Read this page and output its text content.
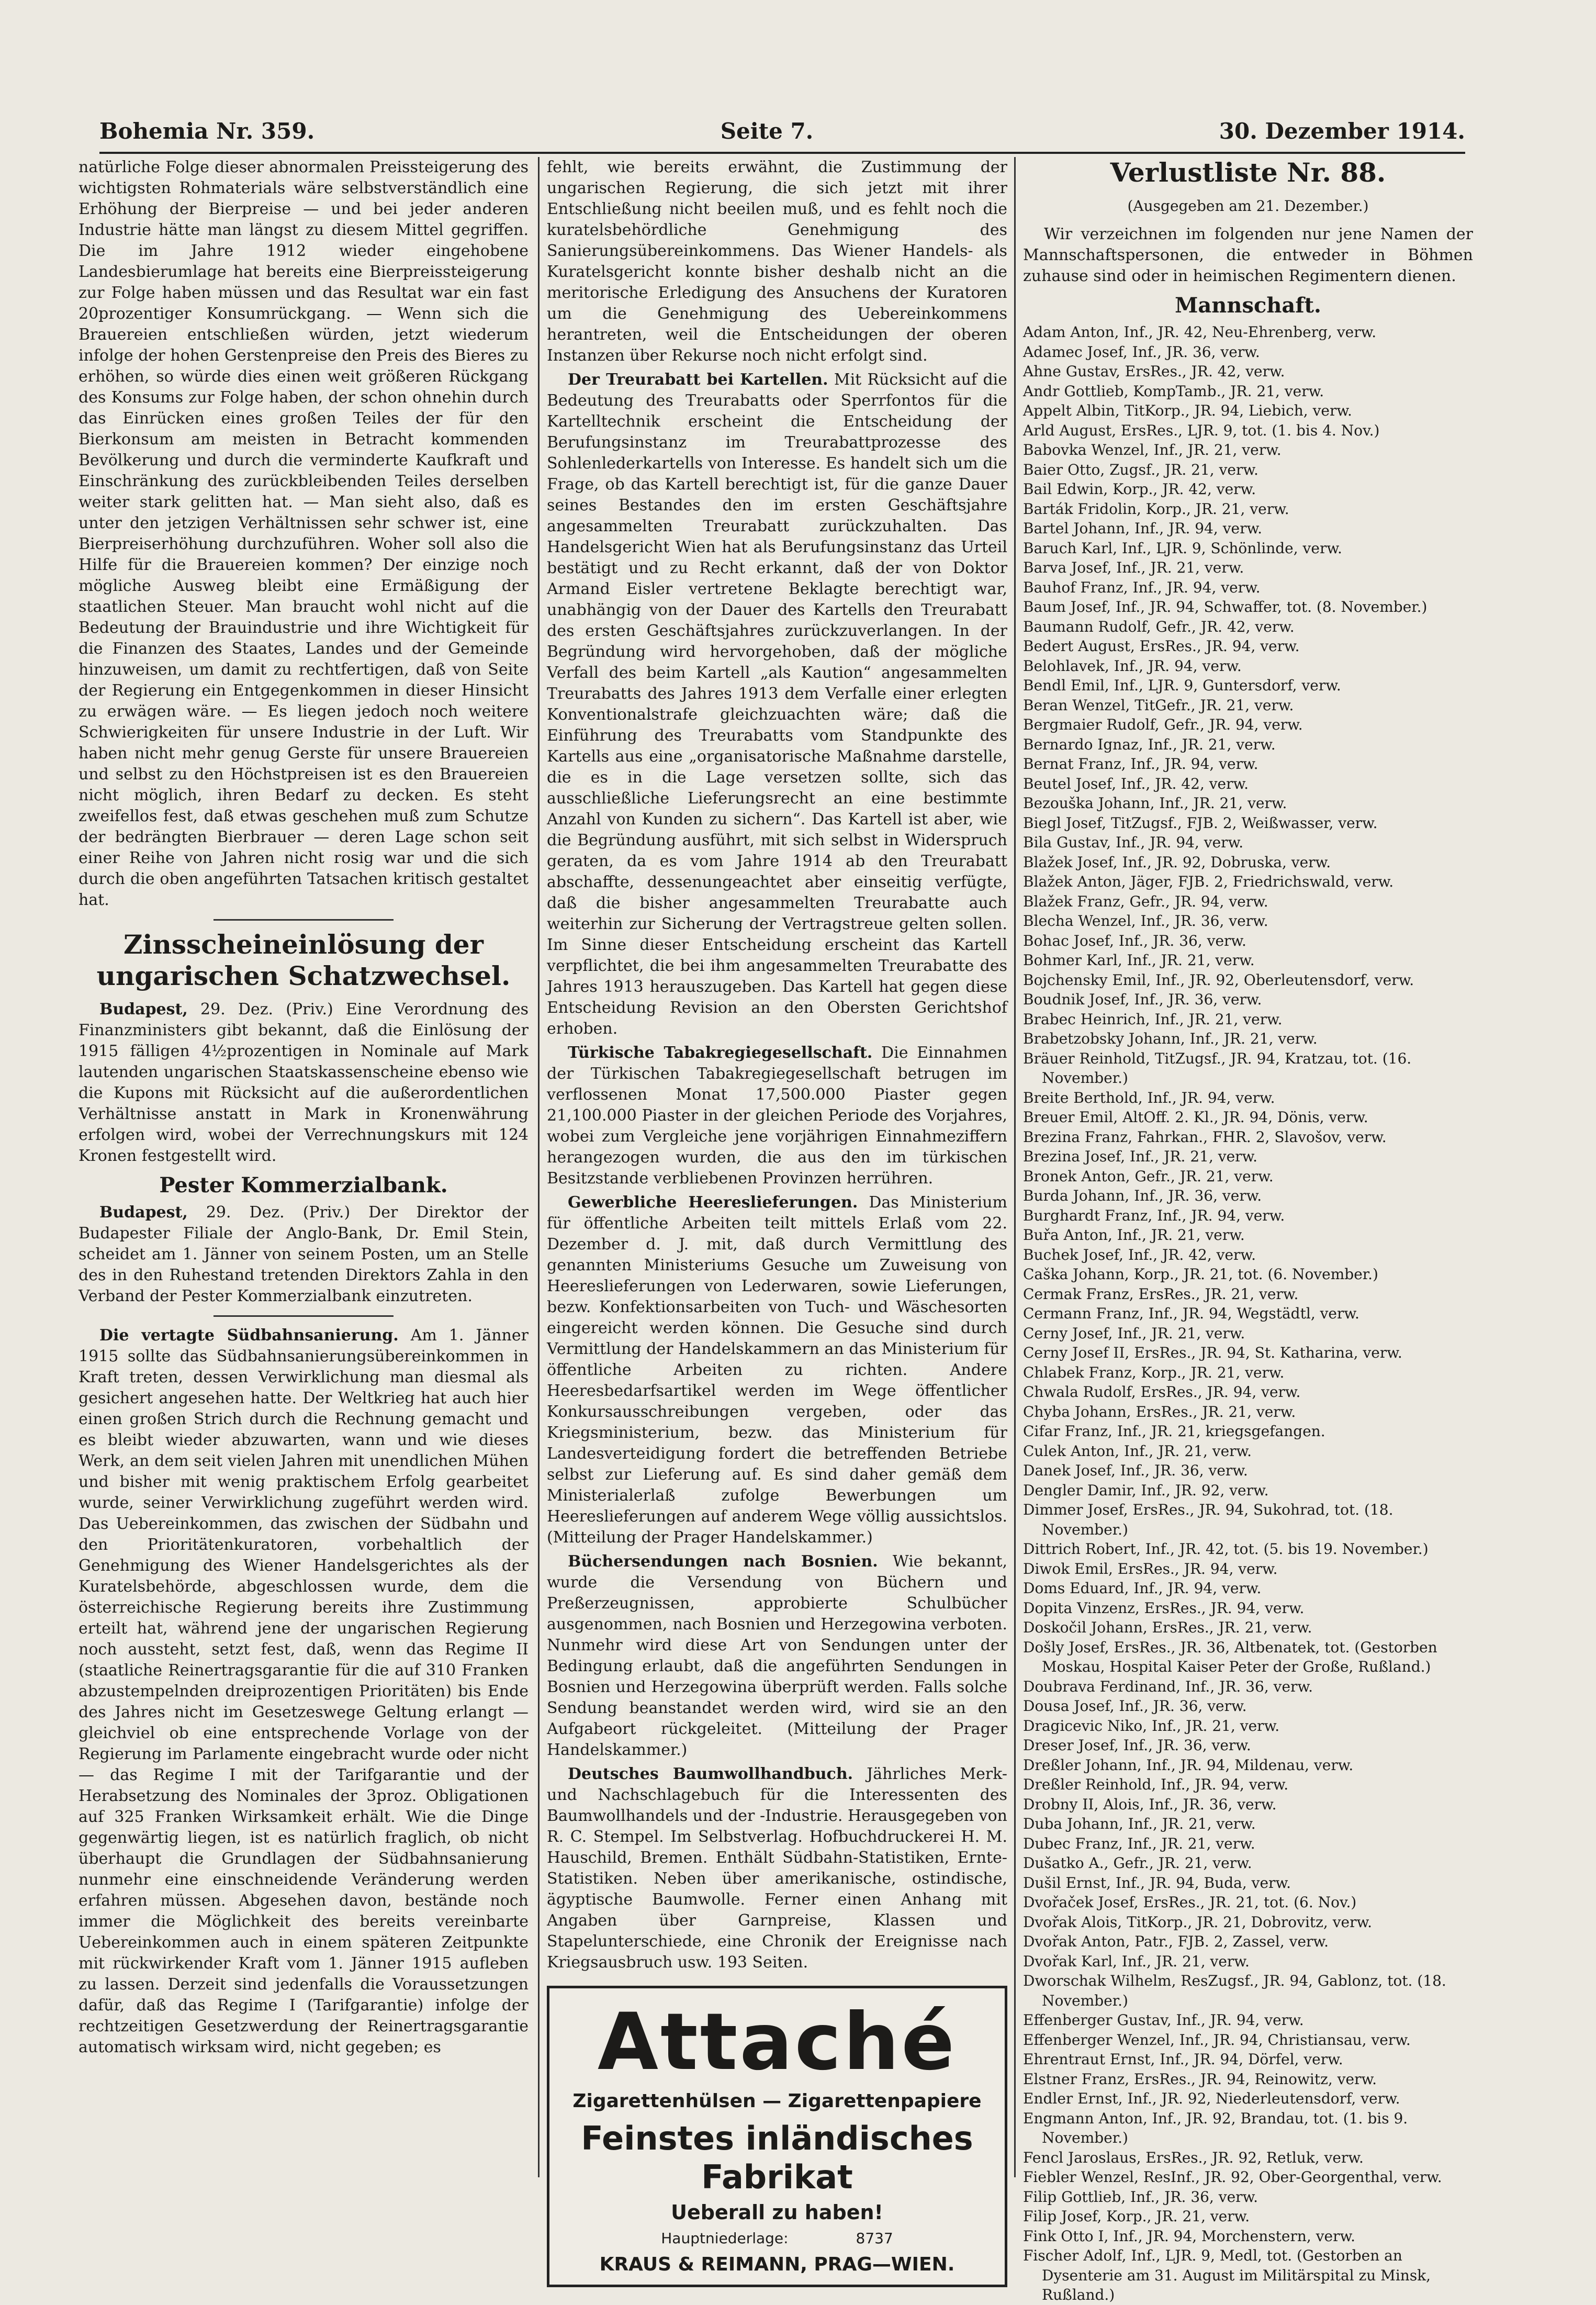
Bohemia Nr. 359.	Seite 7.	30. Dezember 1914.

natürliche Folge dieser abnormalen Preissteigerung des wichtigsten Rohmaterials wäre selbstverständlich eine Erhöhung der Bierpreise — und bei jeder anderen Industrie hätte man längst zu diesem Mittel gegriffen. Die im Jahre 1912 wieder eingehobene Landesbierumlage hat bereits eine Bierpreissteigerung zur Folge haben müssen und das Resultat war ein fast 20prozentiger Konsumrückgang. — Wenn sich die Brauereien entschließen würden, jetzt wiederum infolge der hohen Gerstenpreise den Preis des Bieres zu erhöhen, so würde dies einen weit größeren Rückgang des Konsums zur Folge haben, der schon ohnehin durch das Einrücken eines großen Teiles der für den Bierkonsum am meisten in Betracht kommenden Bevölkerung und durch die verminderte Kaufkraft und Einschränkung des zurückbleibenden Teiles derselben weiter stark gelitten hat. — Man sieht also, daß es unter den jetzigen Verhältnissen sehr schwer ist, eine Bierpreiserhöhung durchzuführen. Woher soll also die Hilfe für die Brauereien kommen? Der einzige noch mögliche Ausweg bleibt eine Ermäßigung der staatlichen Steuer. Man braucht wohl nicht auf die Bedeutung der Brauindustrie und ihre Wichtigkeit für die Finanzen des Staates, Landes und der Gemeinde hinzuweisen, um damit zu rechtfertigen, daß von Seite der Regierung ein Entgegenkommen in dieser Hinsicht zu erwägen wäre. — Es liegen jedoch noch weitere Schwierigkeiten für unsere Industrie in der Luft. Wir haben nicht mehr genug Gerste für unsere Brauereien und selbst zu den Höchstpreisen ist es den Brauereien nicht möglich, ihren Bedarf zu decken. Es steht zweifellos fest, daß etwas geschehen muß zum Schutze der bedrängten Bierbrauer — deren Lage schon seit einer Reihe von Jahren nicht rosig war und die sich durch die oben angeführten Tatsachen kritisch gestaltet hat.

Zinsscheineinlösung der ungarischen Schatzwechsel.

Budapest, 29. Dez. (Priv.) Eine Verordnung des Finanzministers gibt bekannt, daß die Einlösung der 1915 fälligen 4½prozentigen in Nominale auf Mark lautenden ungarischen Staatskassenscheine ebenso wie die Kupons mit Rücksicht auf die außerordentlichen Verhältnisse anstatt in Mark in Kronenwährung erfolgen wird, wobei der Verrechnungskurs mit 124 Kronen festgestellt wird.

Pester Kommerzialbank.

Budapest, 29. Dez. (Priv.) Der Direktor der Budapester Filiale der Anglo-Bank, Dr. Emil Stein, scheidet am 1. Jänner von seinem Posten, um an Stelle des in den Ruhestand tretenden Direktors Zahla in den Verband der Pester Kommerzialbank einzutreten.

Die vertagte Südbahnsanierung. Am 1. Jänner 1915 sollte das Südbahnsanierungsübereinkommen in Kraft treten, dessen Verwirklichung man diesmal als gesichert angesehen hatte. Der Weltkrieg hat auch hier einen großen Strich durch die Rechnung gemacht und es bleibt wieder abzuwarten, wann und wie dieses Werk, an dem seit vielen Jahren mit unendlichen Mühen und bisher mit wenig praktischem Erfolg gearbeitet wurde, seiner Verwirklichung zugeführt werden wird. Das Uebereinkommen, das zwischen der Südbahn und den Prioritätenkuratoren, vorbehaltlich der Genehmigung des Wiener Handelsgerichtes als der Kuratelsbehörde, abgeschlossen wurde, dem die österreichische Regierung bereits ihre Zustimmung erteilt hat, während jene der ungarischen Regierung noch aussteht, setzt fest, daß, wenn das Regime II (staatliche Reinertragsgarantie für die auf 310 Franken abzustempelnden dreiprozentigen Prioritäten) bis Ende des Jahres nicht im Gesetzeswege Geltung erlangt — gleichviel ob eine entsprechende Vorlage von der Regierung im Parlamente eingebracht wurde oder nicht — das Regime I mit der Tarifgarantie und der Herabsetzung des Nominales der 3proz. Obligationen auf 325 Franken Wirksamkeit erhält. Wie die Dinge gegenwärtig liegen, ist es natürlich fraglich, ob nicht überhaupt die Grundlagen der Südbahnsanierung nunmehr eine einschneidende Veränderung werden erfahren müssen. Abgesehen davon, bestände noch immer die Möglichkeit des bereits vereinbarte Uebereinkommen auch in einem späteren Zeitpunkte mit rückwirkender Kraft vom 1. Jänner 1915 aufleben zu lassen. Derzeit sind jedenfalls die Voraussetzungen dafür, daß das Regime I (Tarifgarantie) infolge der rechtzeitigen Gesetzwerdung der Reinertragsgarantie automatisch wirksam wird, nicht gegeben; es

fehlt, wie bereits erwähnt, die Zustimmung der ungarischen Regierung, die sich jetzt mit ihrer Entschließung nicht beeilen muß, und es fehlt noch die kuratelsbehördliche Genehmigung des Sanierungsübereinkommens. Das Wiener Handels- als Kuratelsgericht konnte bisher deshalb nicht an die meritorische Erledigung des Ansuchens der Kuratoren um die Genehmigung des Uebereinkommens herantreten, weil die Entscheidungen der oberen Instanzen über Rekurse noch nicht erfolgt sind.

Der Treurabatt bei Kartellen. Mit Rücksicht auf die Bedeutung des Treurabatts oder Sperrfontos für die Kartelltechnik erscheint die Entscheidung der Berufungsinstanz im Treurabattprozesse des Sohlenlederkartells von Interesse. Es handelt sich um die Frage, ob das Kartell berechtigt ist, für die ganze Dauer seines Bestandes den im ersten Geschäftsjahre angesammelten Treurabatt zurückzuhalten. Das Handelsgericht Wien hat als Berufungsinstanz das Urteil bestätigt und zu Recht erkannt, daß der von Doktor Armand Eisler vertretene Beklagte berechtigt war, unabhängig von der Dauer des Kartells den Treurabatt des ersten Geschäftsjahres zurückzuverlangen. In der Begründung wird hervorgehoben, daß der mögliche Verfall des beim Kartell „als Kaution“ angesammelten Treurabatts des Jahres 1913 dem Verfalle einer erlegten Konventionalstrafe gleichzuachten wäre; daß die Einführung des Treurabatts vom Standpunkte des Kartells aus eine „organisatorische Maßnahme darstelle, die es in die Lage versetzen sollte, sich das ausschließliche Lieferungsrecht an eine bestimmte Anzahl von Kunden zu sichern“. Das Kartell ist aber, wie die Begründung ausführt, mit sich selbst in Widerspruch geraten, da es vom Jahre 1914 ab den Treurabatt abschaffte, dessenungeachtet aber einseitig verfügte, daß die bisher angesammelten Treurabatte auch weiterhin zur Sicherung der Vertragstreue gelten sollen. Im Sinne dieser Entscheidung erscheint das Kartell verpflichtet, die bei ihm angesammelten Treurabatte des Jahres 1913 herauszugeben. Das Kartell hat gegen diese Entscheidung Revision an den Obersten Gerichtshof erhoben.

Türkische Tabakregiegesellschaft. Die Einnahmen der Türkischen Tabakregiegesellschaft betrugen im verflossenen Monat 17,500.000 Piaster gegen 21,100.000 Piaster in der gleichen Periode des Vorjahres, wobei zum Vergleiche jene vorjährigen Einnahmeziffern herangezogen wurden, die aus den im türkischen Besitzstande verbliebenen Provinzen herrühren.

Gewerbliche Heereslieferungen. Das Ministerium für öffentliche Arbeiten teilt mittels Erlaß vom 22. Dezember d. J. mit, daß durch Vermittlung des genannten Ministeriums Gesuche um Zuweisung von Heereslieferungen von Lederwaren, sowie Lieferungen, bezw. Konfektionsarbeiten von Tuch- und Wäschesorten eingereicht werden können. Die Gesuche sind durch Vermittlung der Handelskammern an das Ministerium für öffentliche Arbeiten zu richten. Andere Heeresbedarfsartikel werden im Wege öffentlicher Konkursausschreibungen vergeben, oder das Kriegsministerium, bezw. das Ministerium für Landesverteidigung fordert die betreffenden Betriebe selbst zur Lieferung auf. Es sind daher gemäß dem Ministerialerlaß zufolge Bewerbungen um Heereslieferungen auf anderem Wege völlig aussichtslos. (Mitteilung der Prager Handelskammer.)

Büchersendungen nach Bosnien. Wie bekannt, wurde die Versendung von Büchern und Preßerzeugnissen, approbierte Schulbücher ausgenommen, nach Bosnien und Herzegowina verboten. Nunmehr wird diese Art von Sendungen unter der Bedingung erlaubt, daß die angeführten Sendungen in Bosnien und Herzegowina überprüft werden. Falls solche Sendung beanstandet werden wird, wird sie an den Aufgabeort rückgeleitet. (Mitteilung der Prager Handelskammer.)

Deutsches Baumwollhandbuch. Jährliches Merk- und Nachschlagebuch für die Interessenten des Baumwollhandels und der -Industrie. Herausgegeben von R. C. Stempel. Im Selbstverlag. Hofbuchdruckerei H. M. Hauschild, Bremen. Enthält Südbahn-Statistiken, Ernte-Statistiken. Neben über amerikanische, ostindische, ägyptische Baumwolle. Ferner einen Anhang mit Angaben über Garnpreise, Klassen und Stapelunterschiede, eine Chronik der Ereignisse nach Kriegsausbruch usw. 193 Seiten.

Attaché
Zigarettenhülsen — Zigarettenpapiere
Feinstes inländisches Fabrikat
Ueberall zu haben!
Hauptniederlage:	8737
KRAUS & REIMANN, PRAG—WIEN.
Verlustliste Nr. 88.
(Ausgegeben am 21. Dezember.)

Wir verzeichnen im folgenden nur jene Namen der Mannschaftspersonen, die entweder in Böhmen zuhause sind oder in heimischen Regimentern dienen.

Mannschaft.
Adam Anton, Inf., JR. 42, Neu-Ehrenberg, verw.
Adamec Josef, Inf., JR. 36, verw.
Ahne Gustav, ErsRes., JR. 42, verw.
Andr Gottlieb, KompTamb., JR. 21, verw.
Appelt Albin, TitKorp., JR. 94, Liebich, verw.
Arld August, ErsRes., LJR. 9, tot. (1. bis 4. Nov.)
Babovka Wenzel, Inf., JR. 21, verw.
Baier Otto, Zugsf., JR. 21, verw.
Bail Edwin, Korp., JR. 42, verw.
Barták Fridolin, Korp., JR. 21, verw.
Bartel Johann, Inf., JR. 94, verw.
Baruch Karl, Inf., LJR. 9, Schönlinde, verw.
Barva Josef, Inf., JR. 21, verw.
Bauhof Franz, Inf., JR. 94, verw.
Baum Josef, Inf., JR. 94, Schwaffer, tot. (8. November.)
Baumann Rudolf, Gefr., JR. 42, verw.
Bedert August, ErsRes., JR. 94, verw.
Belohlavek, Inf., JR. 94, verw.
Bendl Emil, Inf., LJR. 9, Guntersdorf, verw.
Beran Wenzel, TitGefr., JR. 21, verw.
Bergmaier Rudolf, Gefr., JR. 94, verw.
Bernardo Ignaz, Inf., JR. 21, verw.
Bernat Franz, Inf., JR. 94, verw.
Beutel Josef, Inf., JR. 42, verw.
Bezouška Johann, Inf., JR. 21, verw.
Biegl Josef, TitZugsf., FJB. 2, Weißwasser, verw.
Bila Gustav, Inf., JR. 94, verw.
Blažek Josef, Inf., JR. 92, Dobruska, verw.
Blažek Anton, Jäger, FJB. 2, Friedrichswald, verw.
Blažek Franz, Gefr., JR. 94, verw.
Blecha Wenzel, Inf., JR. 36, verw.
Bohac Josef, Inf., JR. 36, verw.
Bohmer Karl, Inf., JR. 21, verw.
Bojchensky Emil, Inf., JR. 92, Oberleutensdorf, verw.
Boudnik Josef, Inf., JR. 36, verw.
Brabec Heinrich, Inf., JR. 21, verw.
Brabetzobsky Johann, Inf., JR. 21, verw.
Bräuer Reinhold, TitZugsf., JR. 94, Kratzau, tot. (16. November.)
Breite Berthold, Inf., JR. 94, verw.
Breuer Emil, AltOff. 2. Kl., JR. 94, Dönis, verw.
Brezina Franz, Fahrkan., FHR. 2, Slavošov, verw.
Brezina Josef, Inf., JR. 21, verw.
Bronek Anton, Gefr., JR. 21, verw.
Burda Johann, Inf., JR. 36, verw.
Burghardt Franz, Inf., JR. 94, verw.
Buřa Anton, Inf., JR. 21, verw.
Buchek Josef, Inf., JR. 42, verw.
Caška Johann, Korp., JR. 21, tot. (6. November.)
Cermak Franz, ErsRes., JR. 21, verw.
Cermann Franz, Inf., JR. 94, Wegstädtl, verw.
Cerny Josef, Inf., JR. 21, verw.
Cerny Josef II, ErsRes., JR. 94, St. Katharina, verw.
Chlabek Franz, Korp., JR. 21, verw.
Chwala Rudolf, ErsRes., JR. 94, verw.
Chyba Johann, ErsRes., JR. 21, verw.
Cifar Franz, Inf., JR. 21, kriegsgefangen.
Culek Anton, Inf., JR. 21, verw.
Danek Josef, Inf., JR. 36, verw.
Dengler Damir, Inf., JR. 92, verw.
Dimmer Josef, ErsRes., JR. 94, Sukohrad, tot. (18. November.)
Dittrich Robert, Inf., JR. 42, tot. (5. bis 19. November.)
Diwok Emil, ErsRes., JR. 94, verw.
Doms Eduard, Inf., JR. 94, verw.
Dopita Vinzenz, ErsRes., JR. 94, verw.
Doskočil Johann, ErsRes., JR. 21, verw.
Došly Josef, ErsRes., JR. 36, Altbenatek, tot. (Gestorben Moskau, Hospital Kaiser Peter der Große, Rußland.)
Doubrava Ferdinand, Inf., JR. 36, verw.
Dousa Josef, Inf., JR. 36, verw.
Dragicevic Niko, Inf., JR. 21, verw.
Dreser Josef, Inf., JR. 36, verw.
Dreßler Johann, Inf., JR. 94, Mildenau, verw.
Dreßler Reinhold, Inf., JR. 94, verw.
Drobny II, Alois, Inf., JR. 36, verw.
Duba Johann, Inf., JR. 21, verw.
Dubec Franz, Inf., JR. 21, verw.
Dušatko A., Gefr., JR. 21, verw.
Dušil Ernst, Inf., JR. 94, Buda, verw.
Dvořaček Josef, ErsRes., JR. 21, tot. (6. Nov.)
Dvořak Alois, TitKorp., JR. 21, Dobrovitz, verw.
Dvořak Anton, Patr., FJB. 2, Zassel, verw.
Dvořak Karl, Inf., JR. 21, verw.
Dworschak Wilhelm, ResZugsf., JR. 94, Gablonz, tot. (18. November.)
Effenberger Gustav, Inf., JR. 94, verw.
Effenberger Wenzel, Inf., JR. 94, Christiansau, verw.
Ehrentraut Ernst, Inf., JR. 94, Dörfel, verw.
Elstner Franz, ErsRes., JR. 94, Reinowitz, verw.
Endler Ernst, Inf., JR. 92, Niederleutensdorf, verw.
Engmann Anton, Inf., JR. 92, Brandau, tot. (1. bis 9. November.)
Fencl Jaroslaus, ErsRes., JR. 92, Retluk, verw.
Fiebler Wenzel, ResInf., JR. 92, Ober-Georgenthal, verw.
Filip Gottlieb, Inf., JR. 36, verw.
Filip Josef, Korp., JR. 21, verw.
Fink Otto I, Inf., JR. 94, Morchenstern, verw.
Fischer Adolf, Inf., LJR. 9, Medl, tot. (Gestorben an Dysenterie am 31. August im Militärspital zu Minsk, Rußland.)
